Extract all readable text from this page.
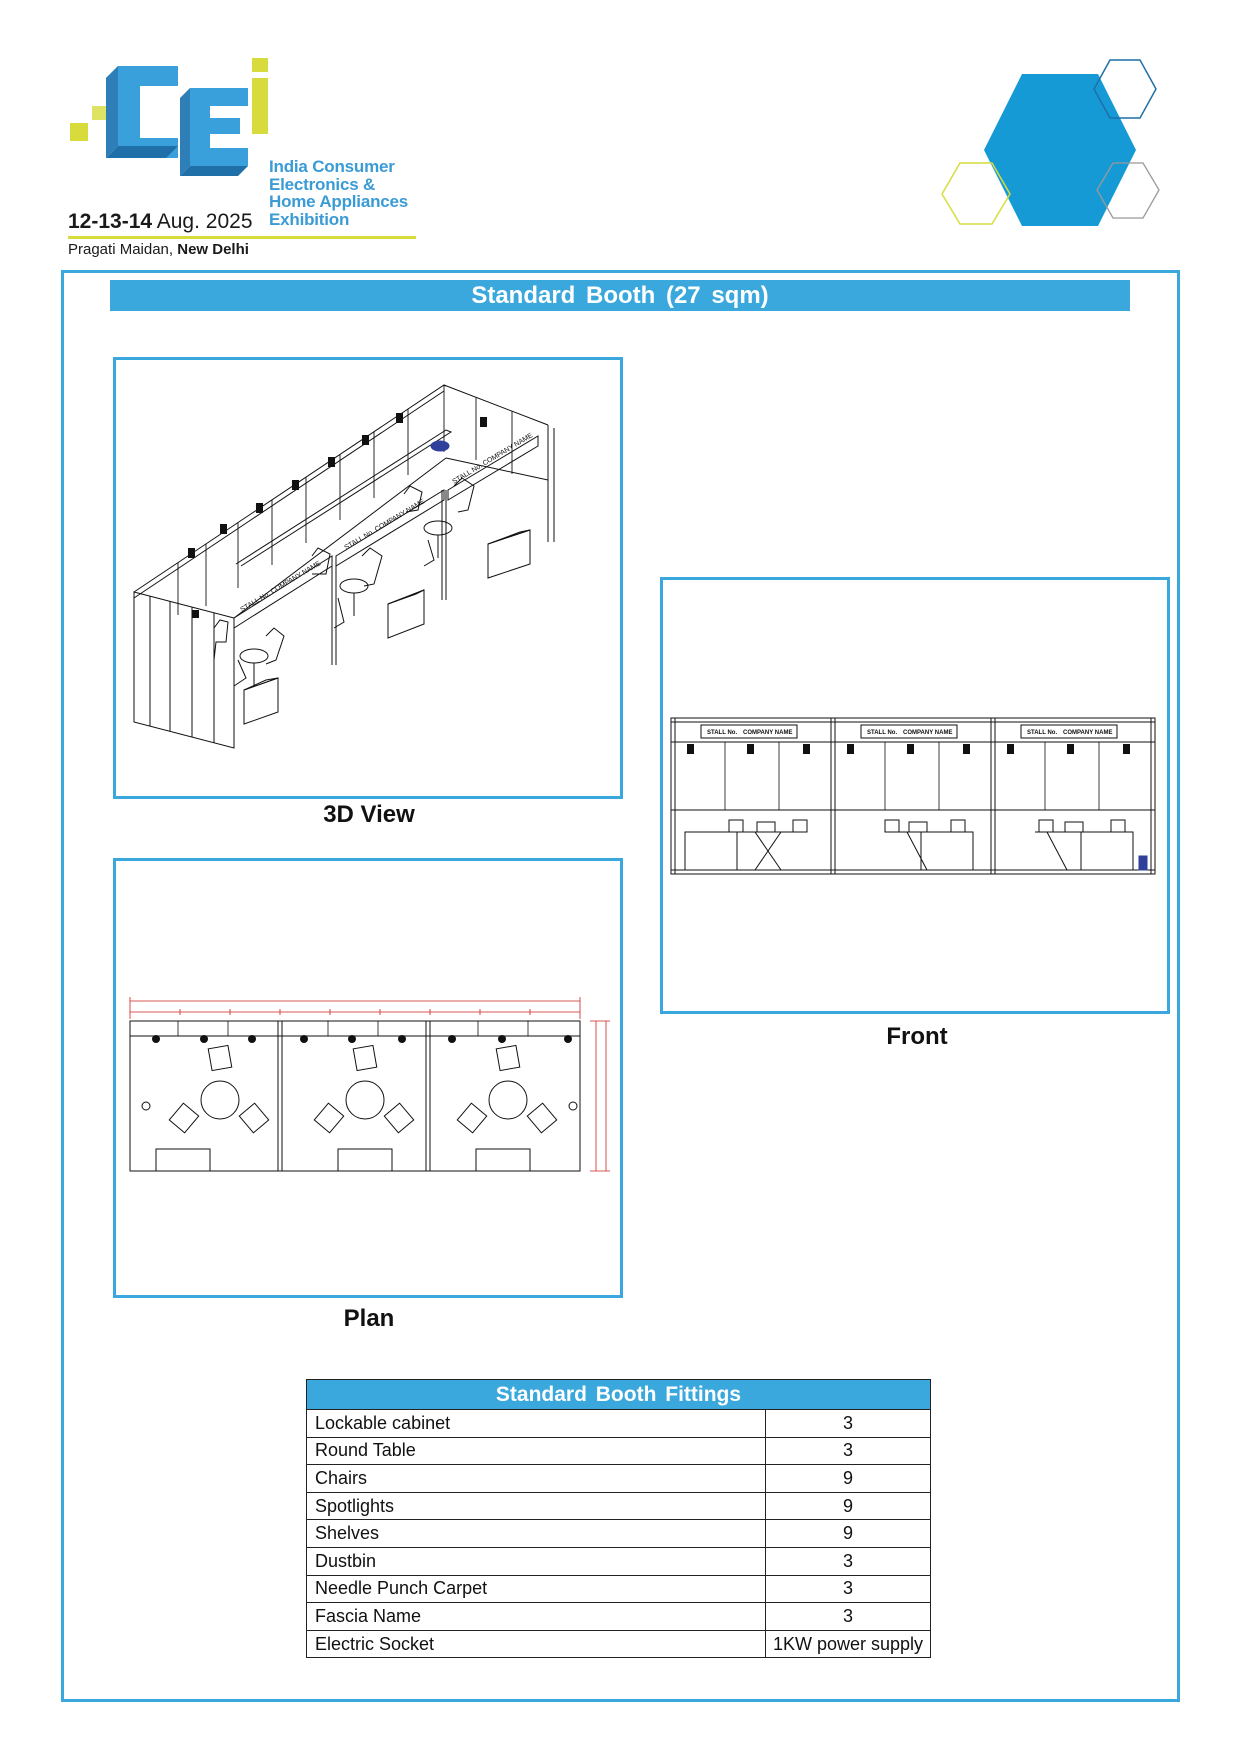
India Consumer
Electronics &
Home Appliances
Exhibition
12-13-14 Aug. 2025
Pragati Maidan, New Delhi
Standard Booth (27 sqm)
STALL No. COMPANY NAME
STALL No. COMPANY NAME
STALL No. COMPANY NAME
3D View
STALL No. COMPANY NAME	STALL No. COMPANY NAME	STALL No. COMPANY NAME
Front
Plan
Standard Booth Fittings	
Lockable cabinet	3
Round Table	3
Chairs	9
Spotlights	9
Shelves	9
Dustbin	3
Needle Punch Carpet	3
Fascia Name	3
Electric Socket	1KW power supply
